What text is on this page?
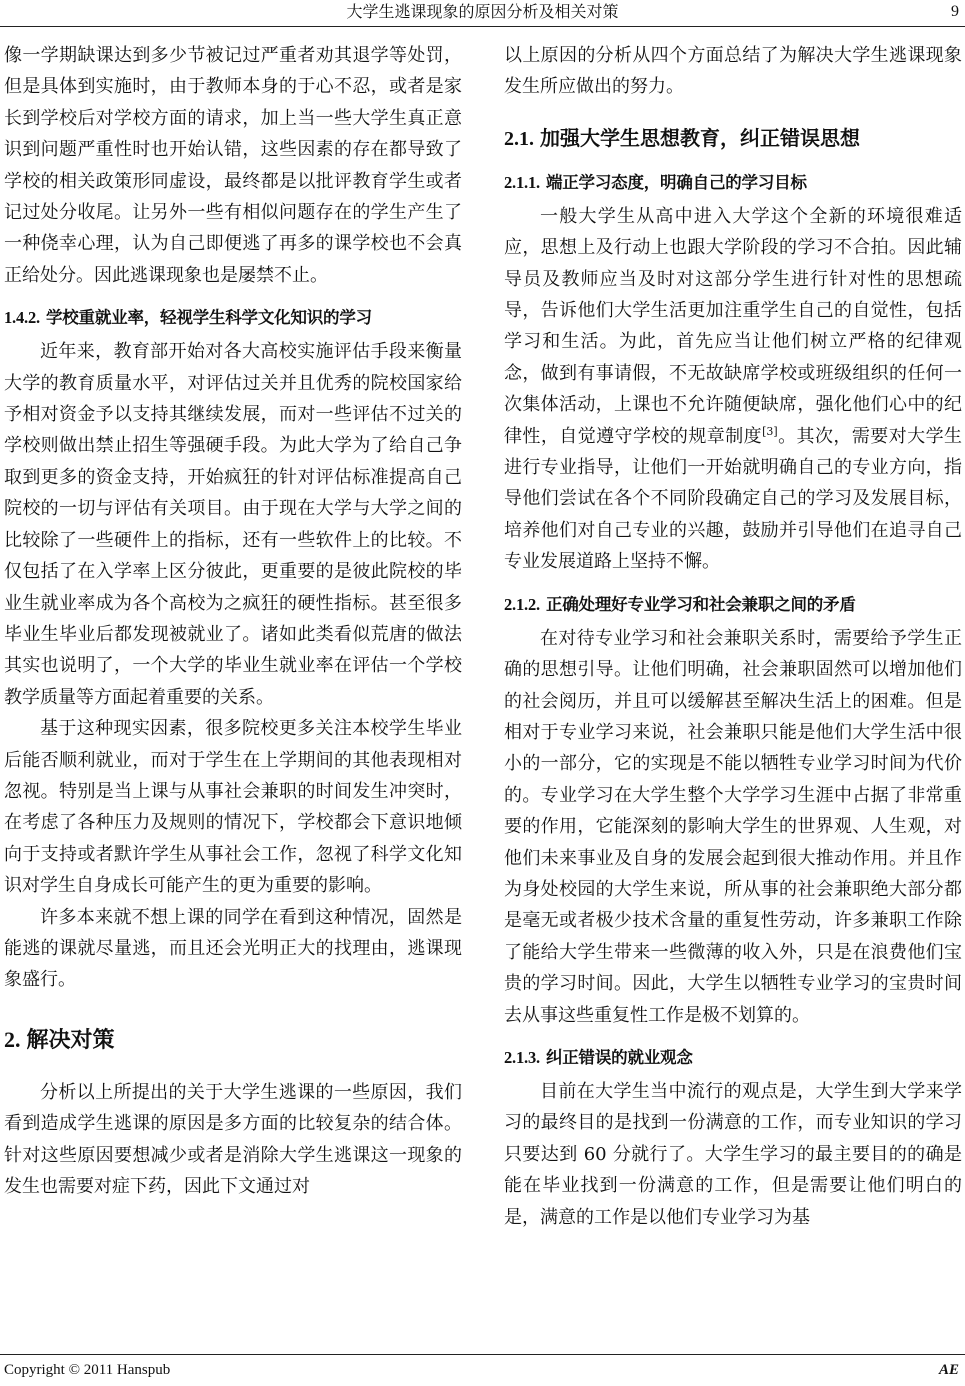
大学生逃课现象的原因分析及相关对策	9

像一学期缺课达到多少节被记过严重者劝其退学等处罚，但是具体到实施时，由于教师本身的于心不忍，或者是家长到学校后对学校方面的请求，加上当一些大学生真正意识到问题严重性时也开始认错，这些因素的存在都导致了学校的相关政策形同虚设，最终都是以批评教育学生或者记过处分收尾。让另外一些有相似问题存在的学生产生了一种侥幸心理，认为自己即便逃了再多的课学校也不会真正给处分。因此逃课现象也是屡禁不止。

1.4.2. 学校重就业率，轻视学生科学文化知识的学习

近年来，教育部开始对各大高校实施评估手段来衡量大学的教育质量水平，对评估过关并且优秀的院校国家给予相对资金予以支持其继续发展，而对一些评估不过关的学校则做出禁止招生等强硬手段。为此大学为了给自己争取到更多的资金支持，开始疯狂的针对评估标准提高自己院校的一切与评估有关项目。由于现在大学与大学之间的比较除了一些硬件上的指标，还有一些软件上的比较。不仅包括了在入学率上区分彼此，更重要的是彼此院校的毕业生就业率成为各个高校为之疯狂的硬性指标。甚至很多毕业生毕业后都发现被就业了。诸如此类看似荒唐的做法其实也说明了，一个大学的毕业生就业率在评估一个学校教学质量等方面起着重要的关系。

基于这种现实因素，很多院校更多关注本校学生毕业后能否顺利就业，而对于学生在上学期间的其他表现相对忽视。特别是当上课与从事社会兼职的时间发生冲突时，在考虑了各种压力及规则的情况下，学校都会下意识地倾向于支持或者默许学生从事社会工作，忽视了科学文化知识对学生自身成长可能产生的更为重要的影响。

许多本来就不想上课的同学在看到这种情况，固然是能逃的课就尽量逃，而且还会光明正大的找理由，逃课现象盛行。

2. 解决对策

分析以上所提出的关于大学生逃课的一些原因，我们看到造成学生逃课的原因是多方面的比较复杂的结合体。针对这些原因要想减少或者是消除大学生逃课这一现象的发生也需要对症下药，因此下文通过对

以上原因的分析从四个方面总结了为解决大学生逃课现象发生所应做出的努力。

2.1. 加强大学生思想教育，纠正错误思想
2.1.1. 端正学习态度，明确自己的学习目标

一般大学生从高中进入大学这个全新的环境很难适应，思想上及行动上也跟大学阶段的学习不合拍。因此辅导员及教师应当及时对这部分学生进行针对性的思想疏导，告诉他们大学生活更加注重学生自己的自觉性，包括学习和生活。为此，首先应当让他们树立严格的纪律观念，做到有事请假，不无故缺席学校或班级组织的任何一次集体活动，上课也不允许随便缺席，强化他们心中的纪律性，自觉遵守学校的规章制度[3]。其次，需要对大学生进行专业指导，让他们一开始就明确自己的专业方向，指导他们尝试在各个不同阶段确定自己的学习及发展目标，培养他们对自己专业的兴趣，鼓励并引导他们在追寻自己专业发展道路上坚持不懈。

2.1.2. 正确处理好专业学习和社会兼职之间的矛盾

在对待专业学习和社会兼职关系时，需要给予学生正确的思想引导。让他们明确，社会兼职固然可以增加他们的社会阅历，并且可以缓解甚至解决生活上的困难。但是相对于专业学习来说，社会兼职只能是他们大学生活中很小的一部分，它的实现是不能以牺牲专业学习时间为代价的。专业学习在大学生整个大学学习生涯中占据了非常重要的作用，它能深刻的影响大学生的世界观、人生观，对他们未来事业及自身的发展会起到很大推动作用。并且作为身处校园的大学生来说，所从事的社会兼职绝大部分都是毫无或者极少技术含量的重复性劳动，许多兼职工作除了能给大学生带来一些微薄的收入外，只是在浪费他们宝贵的学习时间。因此，大学生以牺牲专业学习的宝贵时间去从事这些重复性工作是极不划算的。

2.1.3. 纠正错误的就业观念

目前在大学生当中流行的观点是，大学生到大学来学习的最终目的是找到一份满意的工作，而专业知识的学习只要达到 60 分就行了。大学生学习的最主要目的的确是能在毕业找到一份满意的工作，但是需要让他们明白的是，满意的工作是以他们专业学习为基

Copyright © 2011 Hanspub	AE
